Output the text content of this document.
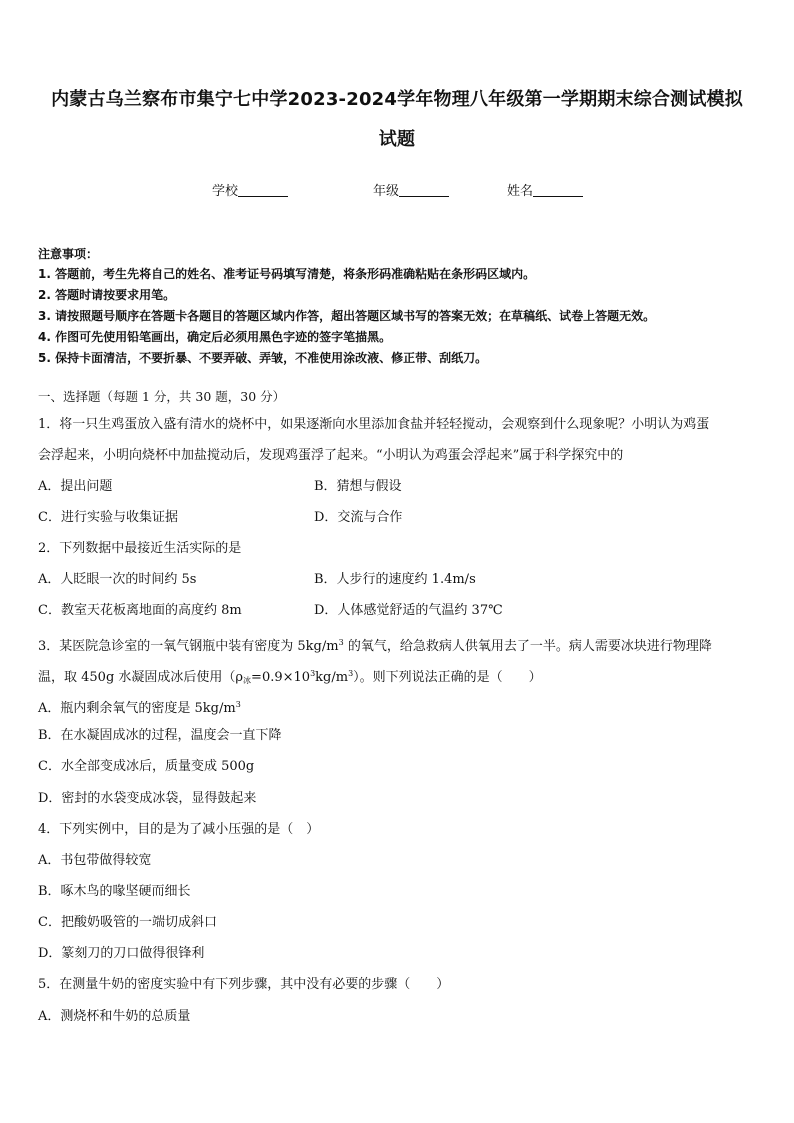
内蒙古乌兰察布市集宁七中学2023-2024学年物理八年级第一学期期末综合测试模拟
试题
学校	年级	姓名
注意事项：
1. 答题前，考生先将自己的姓名、准考证号码填写清楚，将条形码准确粘贴在条形码区域内。
2. 答题时请按要求用笔。
3. 请按照题号顺序在答题卡各题目的答题区域内作答，超出答题区域书写的答案无效；在草稿纸、试卷上答题无效。
4. 作图可先使用铅笔画出，确定后必须用黑色字迹的签字笔描黑。
5. 保持卡面清洁，不要折暴、不要弄破、弄皱，不准使用涂改液、修正带、刮纸刀。
一、选择题（每题 1 分，共 30 题，30 分）
1．将一只生鸡蛋放入盛有清水的烧杯中，如果逐渐向水里添加食盐并轻轻搅动，会观察到什么现象呢？小明认为鸡蛋
会浮起来，小明向烧杯中加盐搅动后，发现鸡蛋浮了起来。“小明认为鸡蛋会浮起来”属于科学探究中的
A．提出问题	B．猜想与假设
C．进行实验与收集证据	D．交流与合作
2．下列数据中最接近生活实际的是
A．人眨眼一次的时间约 5s	B．人步行的速度约 1.4m/s
C．教室天花板离地面的高度约 8m	D．人体感觉舒适的气温约 37℃
3．某医院急诊室的一氧气钢瓶中装有密度为 $5kg/m^3$ 的氧气，给急救病人供氧用去了一半。病人需要冰块进行物理降
温，取 450g 水凝固成冰后使用$(\rho_冰=0.9\times 10^3kg/m^3)$。则下列说法正确的是（　　）
A．瓶内剩余氧气的密度是 $5kg/m^3$
B．在水凝固成冰的过程，温度会一直下降
C．水全部变成冰后，质量变成 500g
D．密封的水袋变成冰袋，显得鼓起来
4．下列实例中，目的是为了减小压强的是（　）
A．书包带做得较宽
B．啄木鸟的喙坚硬而细长
C．把酸奶吸管的一端切成斜口
D．篆刻刀的刀口做得很锋利
5．在测量牛奶的密度实验中有下列步骤，其中没有必要的步骤（　　）
A．测烧杯和牛奶的总质量
